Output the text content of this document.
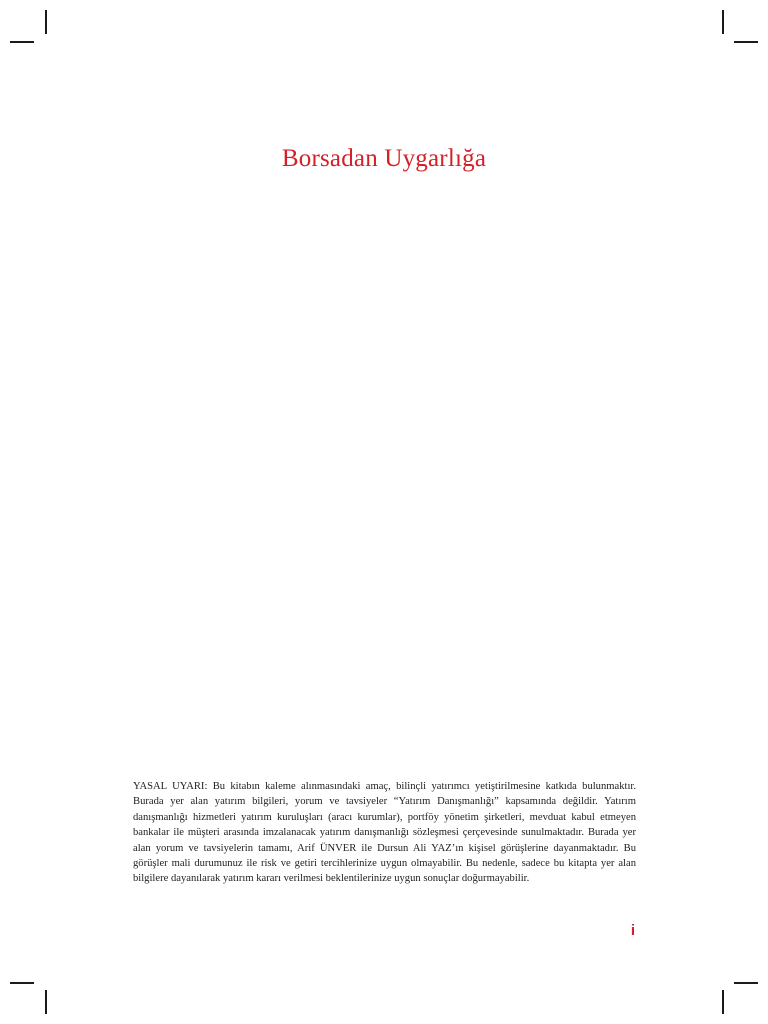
Borsadan Uygarlığa

YASAL UYARI: Bu kitabın kaleme alınmasındaki amaç, bilinçli yatırımcı yetiştirilmesine katkıda bulunmaktır. Burada yer alan yatırım bilgileri, yorum ve tavsiyeler “Yatırım Danışmanlığı” kapsamında değildir. Yatırım danışmanlığı hizmetleri yatırım kuruluşları (aracı kurumlar), portföy yönetim şirketleri, mevduat kabul etmeyen bankalar ile müşteri arasında imzalanacak yatırım danışmanlığı sözleşmesi çerçevesinde sunulmaktadır. Burada yer alan yorum ve tavsiyelerin tamamı, Arif ÜNVER ile Dursun Ali YAZ’ın kişisel görüşlerine dayanmaktadır. Bu görüşler mali durumunuz ile risk ve getiri tercihlerinize uygun olmayabilir. Bu nedenle, sadece bu kitapta yer alan bilgilere dayanılarak yatırım kararı verilmesi beklentilerinize uygun sonuçlar doğurmayabilir.

i
